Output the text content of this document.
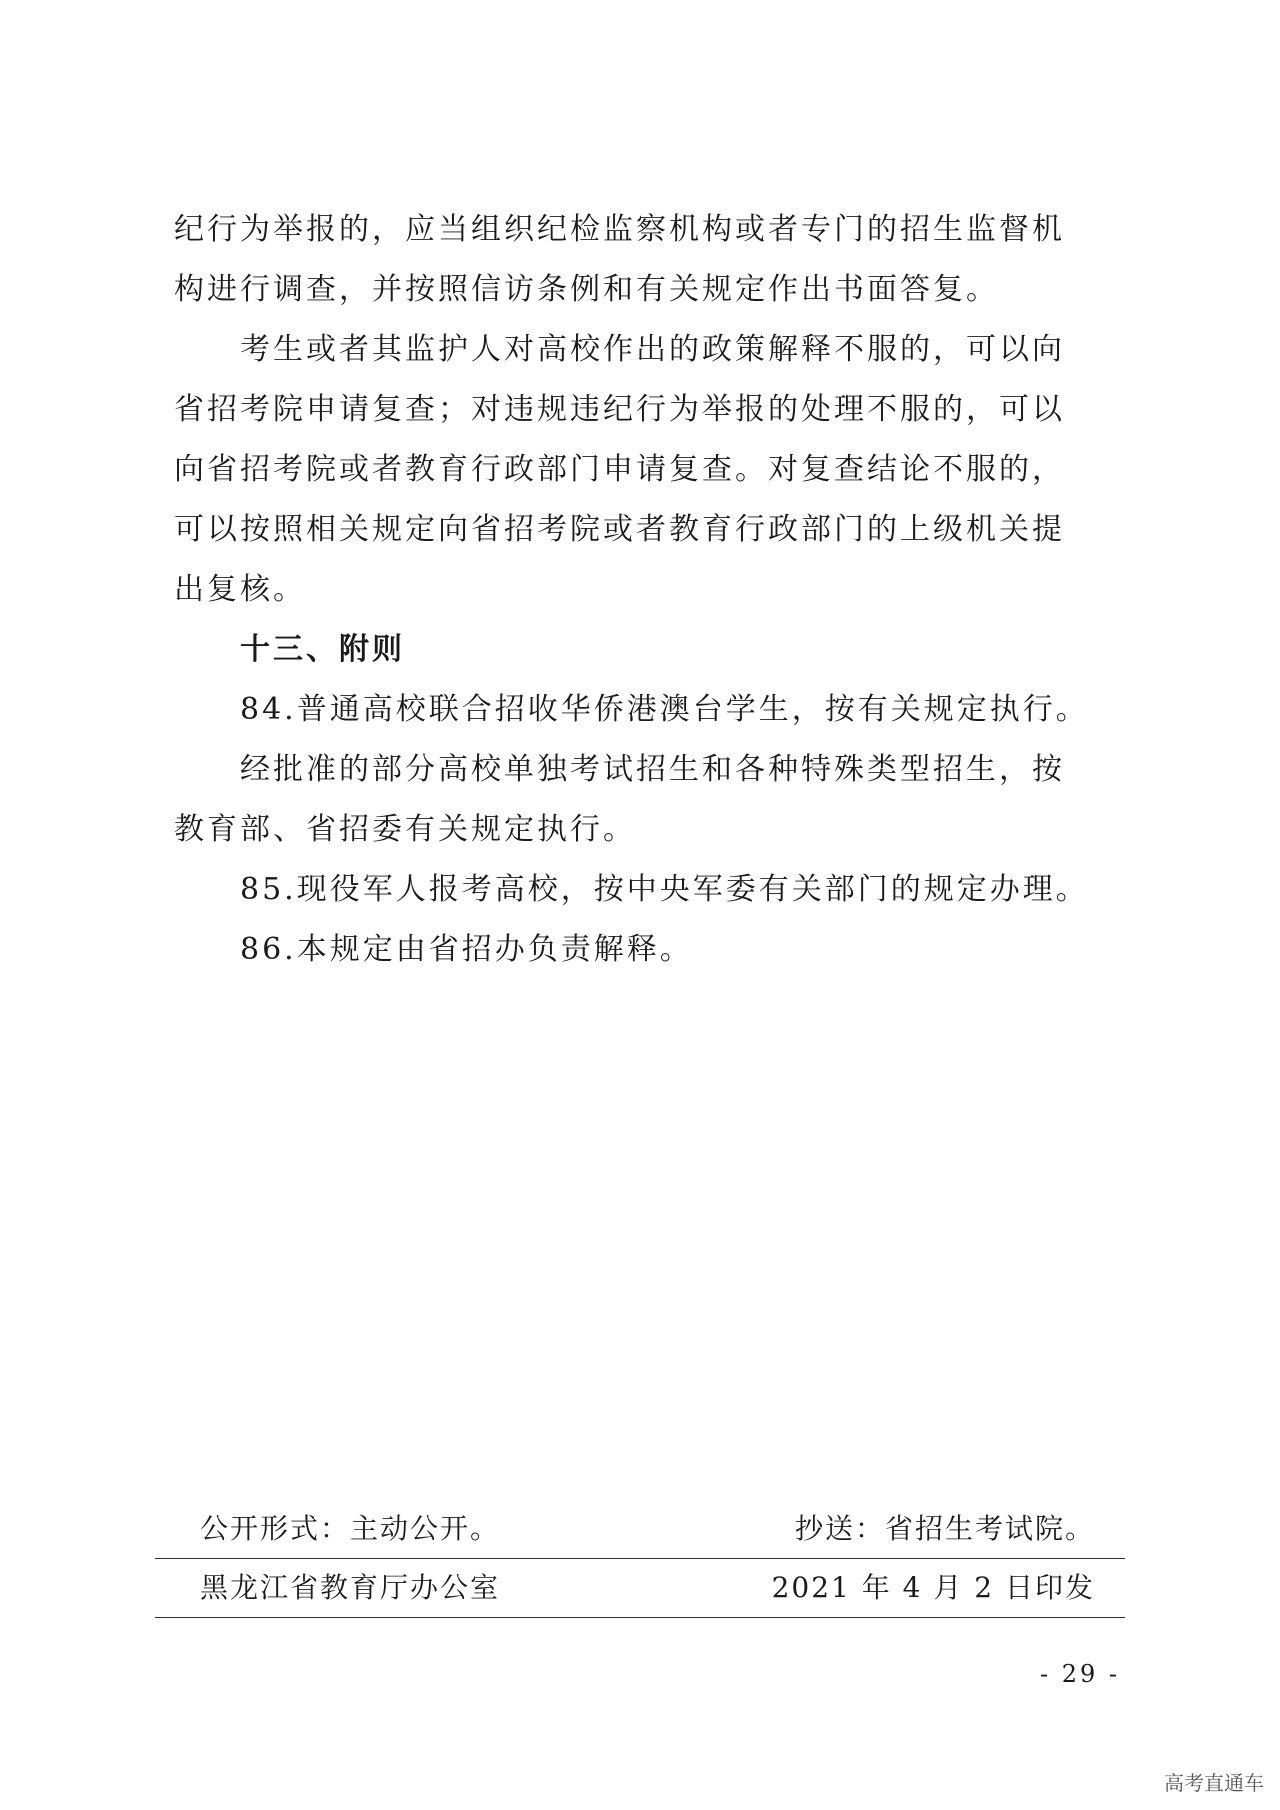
纪行为举报的，应当组织纪检监察机构或者专门的招生监督机
构进行调查，并按照信访条例和有关规定作出书面答复。
考生或者其监护人对高校作出的政策解释不服的，可以向
省招考院申请复查；对违规违纪行为举报的处理不服的，可以
向省招考院或者教育行政部门申请复查。对复查结论不服的，
可以按照相关规定向省招考院或者教育行政部门的上级机关提
出复核。
十三、附则
84.普通高校联合招收华侨港澳台学生，按有关规定执行。
经批准的部分高校单独考试招生和各种特殊类型招生，按
教育部、省招委有关规定执行。
85.现役军人报考高校，按中央军委有关部门的规定办理。
86.本规定由省招办负责解释。
公开形式：主动公开。	抄送：省招生考试院。
黑龙江省教育厅办公室	2021 年 4 月 2 日印发
- 29 -
高考直通车
